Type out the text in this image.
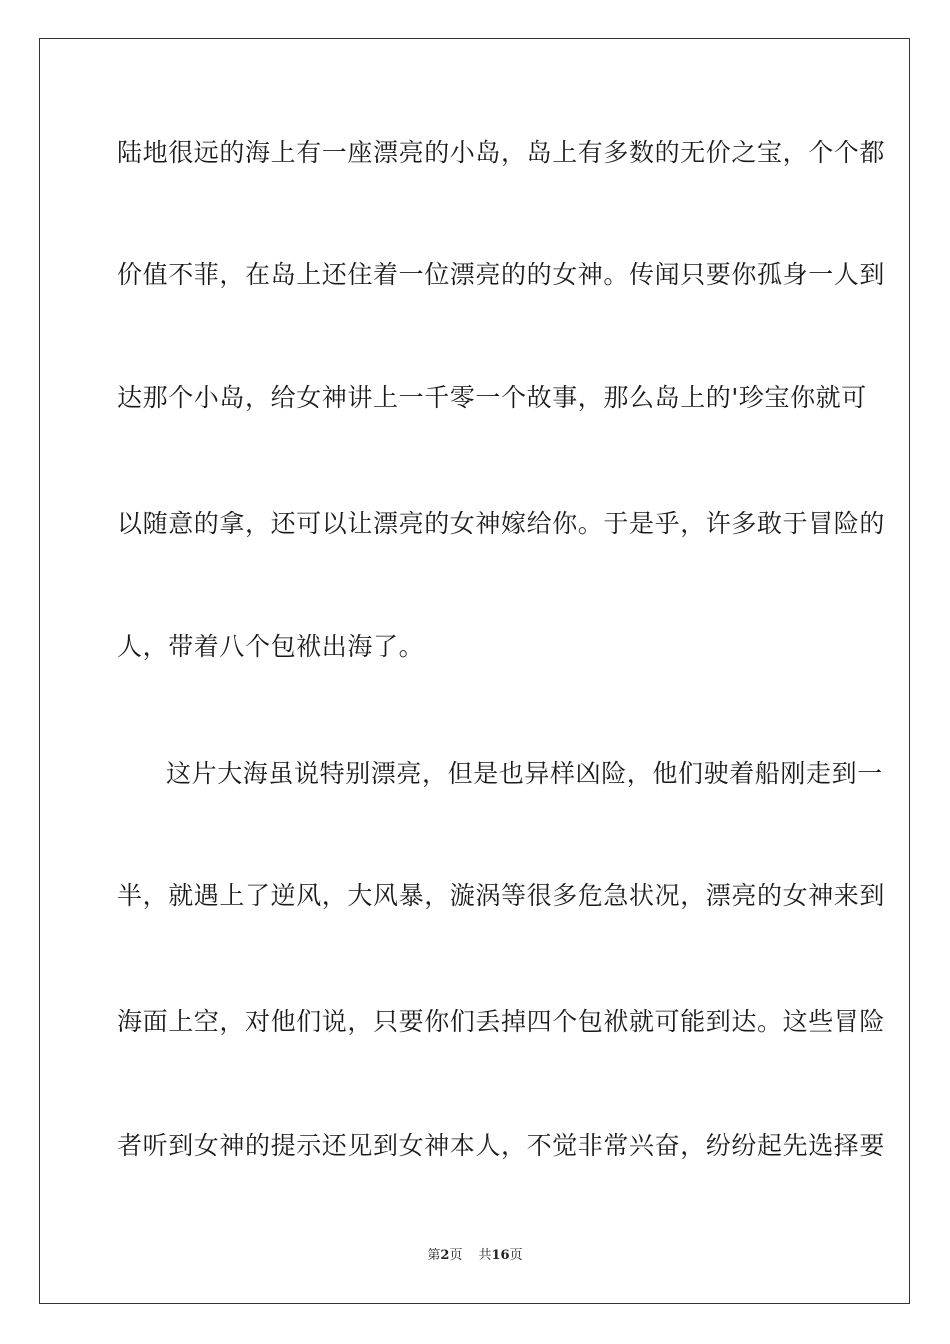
陆地很远的海上有一座漂亮的小岛，岛上有多数的无价之宝，个个都
价值不菲，在岛上还住着一位漂亮的的女神。传闻只要你孤身一人到
达那个小岛，给女神讲上一千零一个故事，那么岛上的'珍宝你就可
以随意的拿，还可以让漂亮的女神嫁给你。于是乎，许多敢于冒险的
人，带着八个包袱出海了。
这片大海虽说特别漂亮，但是也异样凶险，他们驶着船刚走到一
半，就遇上了逆风，大风暴，漩涡等很多危急状况，漂亮的女神来到
海面上空，对他们说，只要你们丢掉四个包袱就可能到达。这些冒险
者听到女神的提示还见到女神本人，不觉非常兴奋，纷纷起先选择要
第2页 共16页
